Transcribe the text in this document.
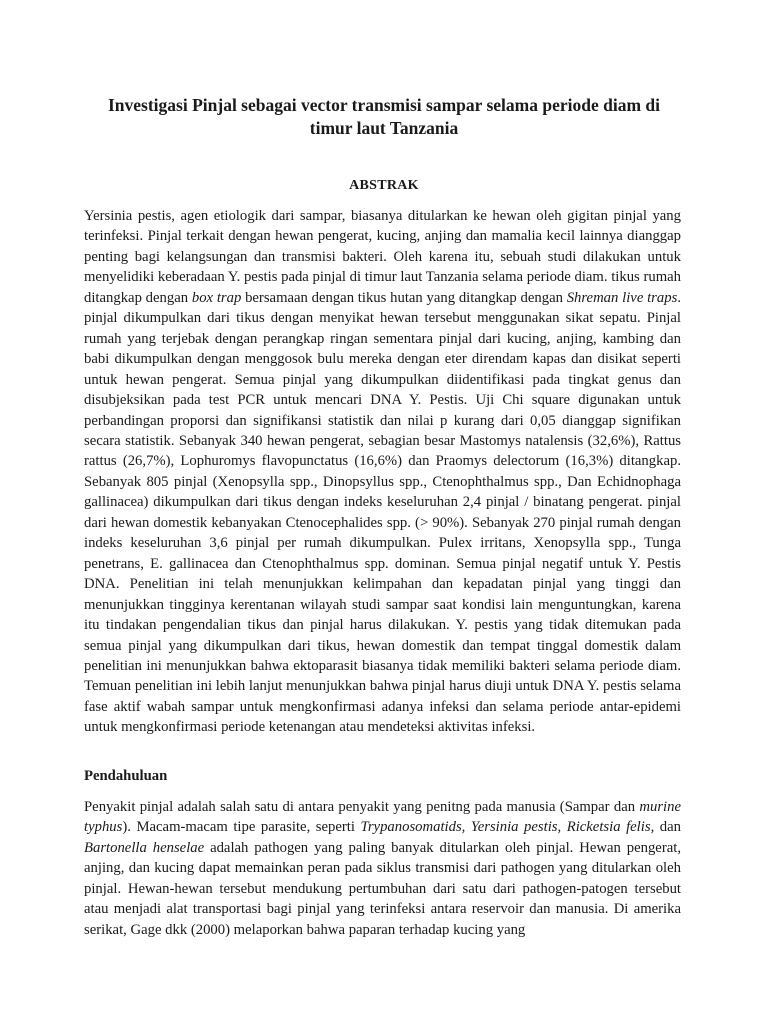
Investigasi Pinjal sebagai vector transmisi sampar selama periode diam di timur laut Tanzania
ABSTRAK

Yersinia pestis, agen etiologik dari sampar, biasanya ditularkan ke hewan oleh gigitan pinjal yang terinfeksi. Pinjal terkait dengan hewan pengerat, kucing, anjing dan mamalia kecil lainnya dianggap penting bagi kelangsungan dan transmisi bakteri. Oleh karena itu, sebuah studi dilakukan untuk menyelidiki keberadaan Y. pestis pada pinjal di timur laut Tanzania selama periode diam. tikus rumah ditangkap dengan box trap bersamaan dengan tikus hutan yang ditangkap dengan Shreman live traps. pinjal dikumpulkan dari tikus dengan menyikat hewan tersebut menggunakan sikat sepatu. Pinjal rumah yang terjebak dengan perangkap ringan sementara pinjal dari kucing, anjing, kambing dan babi dikumpulkan dengan menggosok bulu mereka dengan eter direndam kapas dan disikat seperti untuk hewan pengerat. Semua pinjal yang dikumpulkan diidentifikasi pada tingkat genus dan disubjeksikan pada test PCR untuk mencari DNA Y. Pestis. Uji Chi square digunakan untuk perbandingan proporsi dan signifikansi statistik dan nilai p kurang dari 0,05 dianggap signifikan secara statistik. Sebanyak 340 hewan pengerat, sebagian besar Mastomys natalensis (32,6%), Rattus rattus (26,7%), Lophuromys flavopunctatus (16,6%) dan Praomys delectorum (16,3%) ditangkap. Sebanyak 805 pinjal (Xenopsylla spp., Dinopsyllus spp., Ctenophthalmus spp., Dan Echidnophaga gallinacea) dikumpulkan dari tikus dengan indeks keseluruhan 2,4 pinjal / binatang pengerat. pinjal dari hewan domestik kebanyakan Ctenocephalides spp. (> 90%). Sebanyak 270 pinjal rumah dengan indeks keseluruhan 3,6 pinjal per rumah dikumpulkan. Pulex irritans, Xenopsylla spp., Tunga penetrans, E. gallinacea dan Ctenophthalmus spp. dominan. Semua pinjal negatif untuk Y. Pestis DNA. Penelitian ini telah menunjukkan kelimpahan dan kepadatan pinjal yang tinggi dan menunjukkan tingginya kerentanan wilayah studi sampar saat kondisi lain menguntungkan, karena itu tindakan pengendalian tikus dan pinjal harus dilakukan. Y. pestis yang tidak ditemukan pada semua pinjal yang dikumpulkan dari tikus, hewan domestik dan tempat tinggal domestik dalam penelitian ini menunjukkan bahwa ektoparasit biasanya tidak memiliki bakteri selama periode diam. Temuan penelitian ini lebih lanjut menunjukkan bahwa pinjal harus diuji untuk DNA Y. pestis selama fase aktif wabah sampar untuk mengkonfirmasi adanya infeksi dan selama periode antar-epidemi untuk mengkonfirmasi periode ketenangan atau mendeteksi aktivitas infeksi.

Pendahuluan

Penyakit pinjal adalah salah satu di antara penyakit yang penitng pada manusia (Sampar dan murine typhus). Macam-macam tipe parasite, seperti Trypanosomatids, Yersinia pestis, Ricketsia felis, dan Bartonella henselae adalah pathogen yang paling banyak ditularkan oleh pinjal. Hewan pengerat, anjing, dan kucing dapat memainkan peran pada siklus transmisi dari pathogen yang ditularkan oleh pinjal. Hewan-hewan tersebut mendukung pertumbuhan dari satu dari pathogen-patogen tersebut atau menjadi alat transportasi bagi pinjal yang terinfeksi antara reservoir dan manusia. Di amerika serikat, Gage dkk (2000) melaporkan bahwa paparan terhadap kucing yang
